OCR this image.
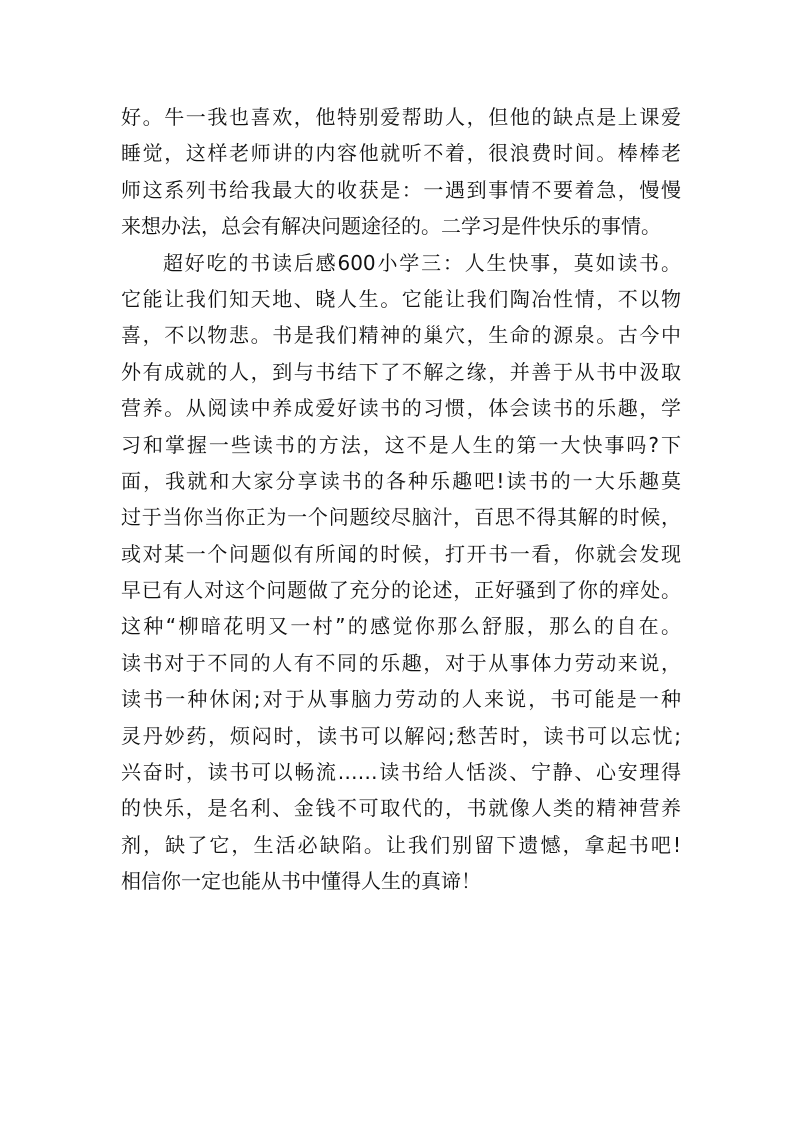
好。牛一我也喜欢，他特别爱帮助人，但他的缺点是上课爱
睡觉，这样老师讲的内容他就听不着，很浪费时间。棒棒老
师这系列书给我最大的收获是：一遇到事情不要着急，慢慢
来想办法，总会有解决问题途径的。二学习是件快乐的事情。
超好吃的书读后感600小学三：人生快事，莫如读书。
它能让我们知天地、晓人生。它能让我们陶冶性情，不以物
喜，不以物悲。书是我们精神的巢穴，生命的源泉。古今中
外有成就的人，到与书结下了不解之缘，并善于从书中汲取
营养。从阅读中养成爱好读书的习惯，体会读书的乐趣，学
习和掌握一些读书的方法，这不是人生的第一大快事吗?下
面，我就和大家分享读书的各种乐趣吧!读书的一大乐趣莫
过于当你当你正为一个问题绞尽脑汁，百思不得其解的时候，
或对某一个问题似有所闻的时候，打开书一看，你就会发现
早已有人对这个问题做了充分的论述，正好骚到了你的痒处。
这种“柳暗花明又一村”的感觉你那么舒服，那么的自在。
读书对于不同的人有不同的乐趣，对于从事体力劳动来说，
读书一种休闲;对于从事脑力劳动的人来说，书可能是一种
灵丹妙药，烦闷时，读书可以解闷;愁苦时，读书可以忘忧;
兴奋时，读书可以畅流……读书给人恬淡、宁静、心安理得
的快乐，是名利、金钱不可取代的，书就像人类的精神营养
剂，缺了它，生活必缺陷。让我们别留下遗憾，拿起书吧!
相信你一定也能从书中懂得人生的真谛！
